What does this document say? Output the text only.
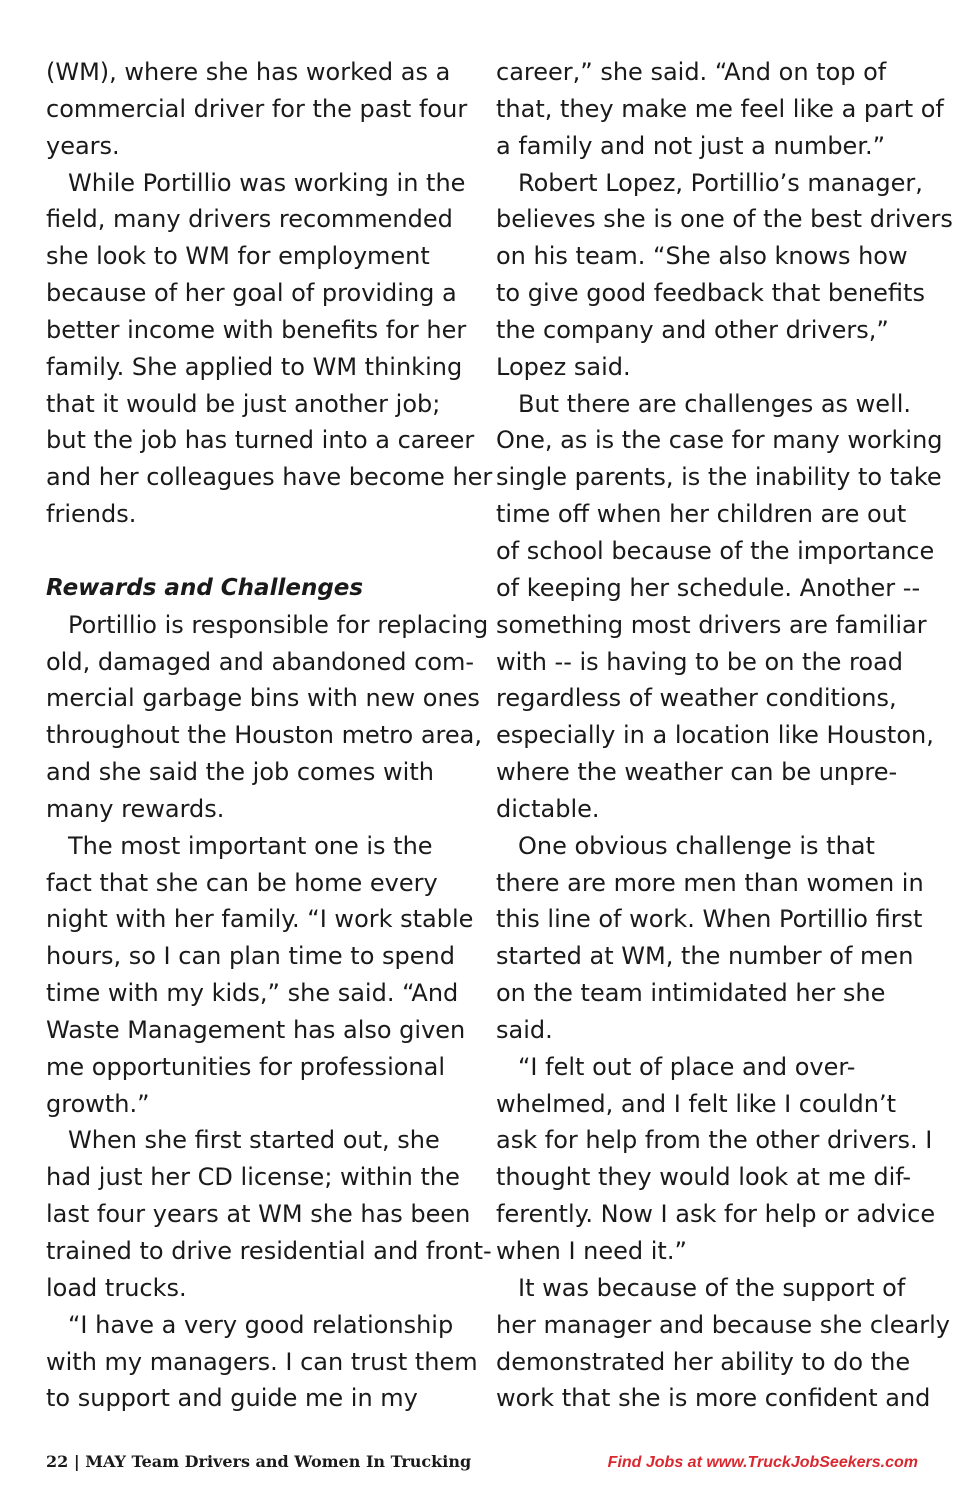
(WM), where she has worked as a
commercial driver for the past four
years.
While Portillio was working in the
field, many drivers recommended
she look to WM for employment
because of her goal of providing a
better income with benefits for her
family. She applied to WM thinking
that it would be just another job;
but the job has turned into a career
and her colleagues have become her
friends.
Rewards and Challenges
Portillio is responsible for replacing
old, damaged and abandoned com-
mercial garbage bins with new ones
throughout the Houston metro area,
and she said the job comes with
many rewards.
The most important one is the
fact that she can be home every
night with her family. “I work stable
hours, so I can plan time to spend
time with my kids,” she said. “And
Waste Management has also given
me opportunities for professional
growth.”
When she first started out, she
had just her CD license; within the
last four years at WM she has been
trained to drive residential and front-
load trucks.
“I have a very good relationship
with my managers. I can trust them
to support and guide me in my
career,” she said. “And on top of
that, they make me feel like a part of
a family and not just a number.”
Robert Lopez, Portillio’s manager,
believes she is one of the best drivers
on his team. “She also knows how
to give good feedback that benefits
the company and other drivers,”
Lopez said.
But there are challenges as well.
One, as is the case for many working
single parents, is the inability to take
time off when her children are out
of school because of the importance
of keeping her schedule. Another --
something most drivers are familiar
with -- is having to be on the road
regardless of weather conditions,
especially in a location like Houston,
where the weather can be unpre-
dictable.
One obvious challenge is that
there are more men than women in
this line of work. When Portillio first
started at WM, the number of men
on the team intimidated her she
said.
“I felt out of place and over-
whelmed, and I felt like I couldn’t
ask for help from the other drivers. I
thought they would look at me dif-
ferently. Now I ask for help or advice
when I need it.”
It was because of the support of
her manager and because she clearly
demonstrated her ability to do the
work that she is more confident and
22 | MAY Team Drivers and Women In Trucking	Find Jobs at www.TruckJobSeekers.com
